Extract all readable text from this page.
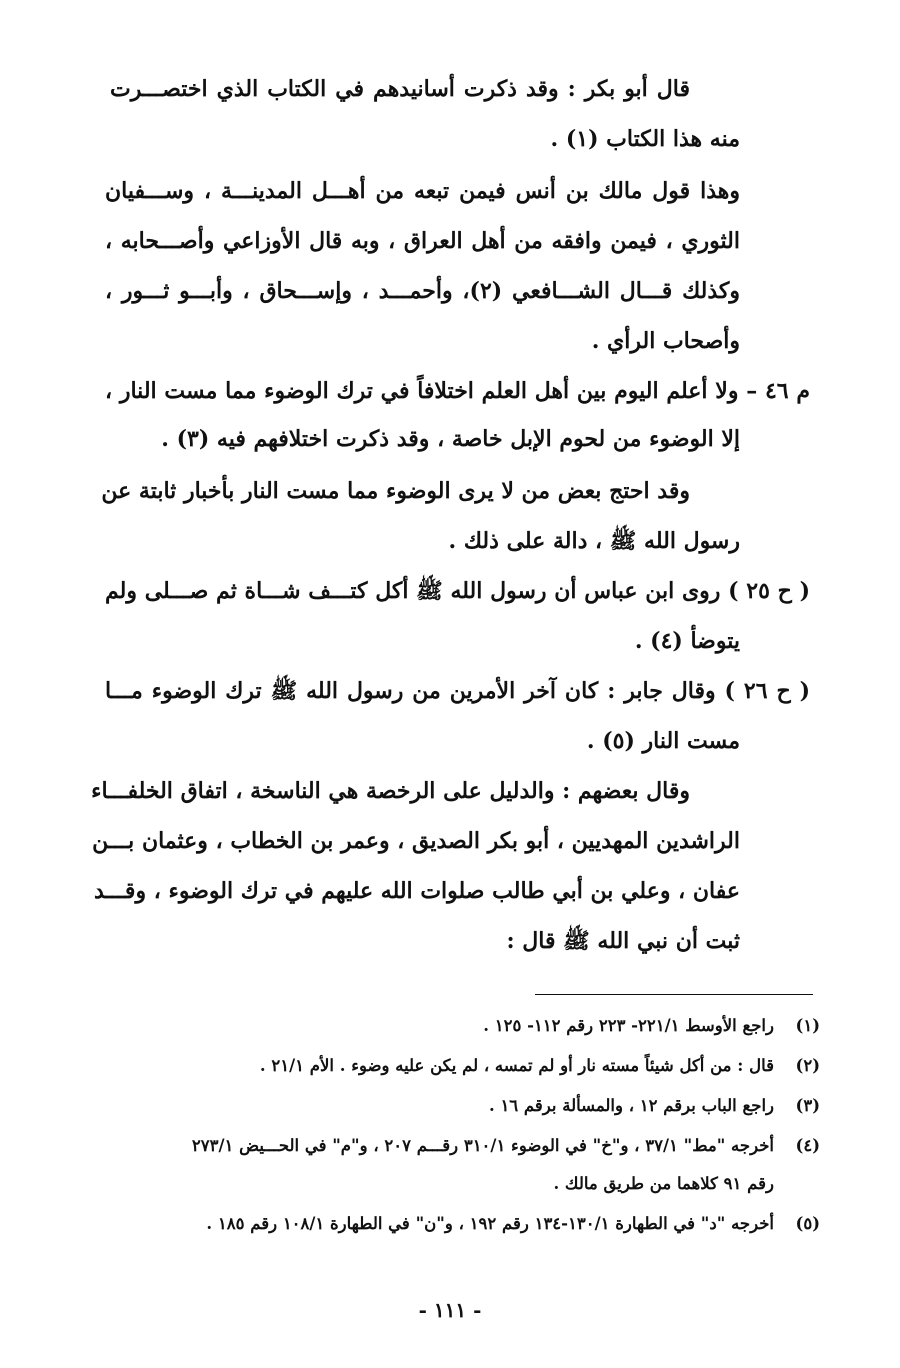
قال أبو بكر : وقد ذكرت أسانيدهم في الكتاب الذي اختصـــرت
منه هذا الكتاب (١) .
وهذا قول مالك بن أنس فيمن تبعه من أهـــل المدينـــة ، وســـفيان
الثوري ، فيمن وافقه من أهل العراق ، وبه قال الأوزاعي وأصـــحابه ،
وكذلك قـــال الشـــافعي (٢)، وأحمـــد ، وإســـحاق ، وأبـــو ثـــور ،
وأصحاب الرأي .
م ٤٦ – ولا أعلم اليوم بين أهل العلم اختلافاً في ترك الوضوء مما مست النار ،
إلا الوضوء من لحوم الإبل خاصة ، وقد ذكرت اختلافهم فيه (٣) .
وقد احتج بعض من لا يرى الوضوء مما مست النار بأخبار ثابتة عن
رسول الله ﷺ ، دالة على ذلك .
( ح ٢٥ ) روى ابن عباس أن رسول الله ﷺ أكل كتـــف شـــاة ثم صـــلى ولم
يتوضأ (٤) .
( ح ٢٦ ) وقال جابر : كان آخر الأمرين من رسول الله ﷺ ترك الوضوء مـــا
مست النار (٥) .
وقال بعضهم : والدليل على الرخصة هي الناسخة ، اتفاق الخلفـــاء
الراشدين المهديين ، أبو بكر الصديق ، وعمر بن الخطاب ، وعثمان بـــن
عفان ، وعلي بن أبي طالب صلوات الله عليهم في ترك الوضوء ، وقـــد
ثبت أن نبي الله ﷺ قال :
(١)راجع الأوسط ٢٢١/١- ٢٢٣ رقم ١١٢- ١٢٥ .
(٢)قال : من أكل شيئاً مسته نار أو لم تمسه ، لم يكن عليه وضوء . الأم ٢١/١ .
(٣)راجع الباب برقم ١٢ ، والمسألة برقم ١٦ .
(٤)أخرجه "مط" ٣٧/١ ، و"خ" في الوضوء ٣١٠/١ رقـــم ٢٠٧ ، و"م" في الحـــيض ٢٧٣/١
رقم ٩١ كلاهما من طريق مالك .
(٥)أخرجه "د" في الطهارة ١٣٠/١-١٣٤ رقم ١٩٢ ، و"ن" في الطهارة ١٠٨/١ رقم ١٨٥ .
- ١١١ -
